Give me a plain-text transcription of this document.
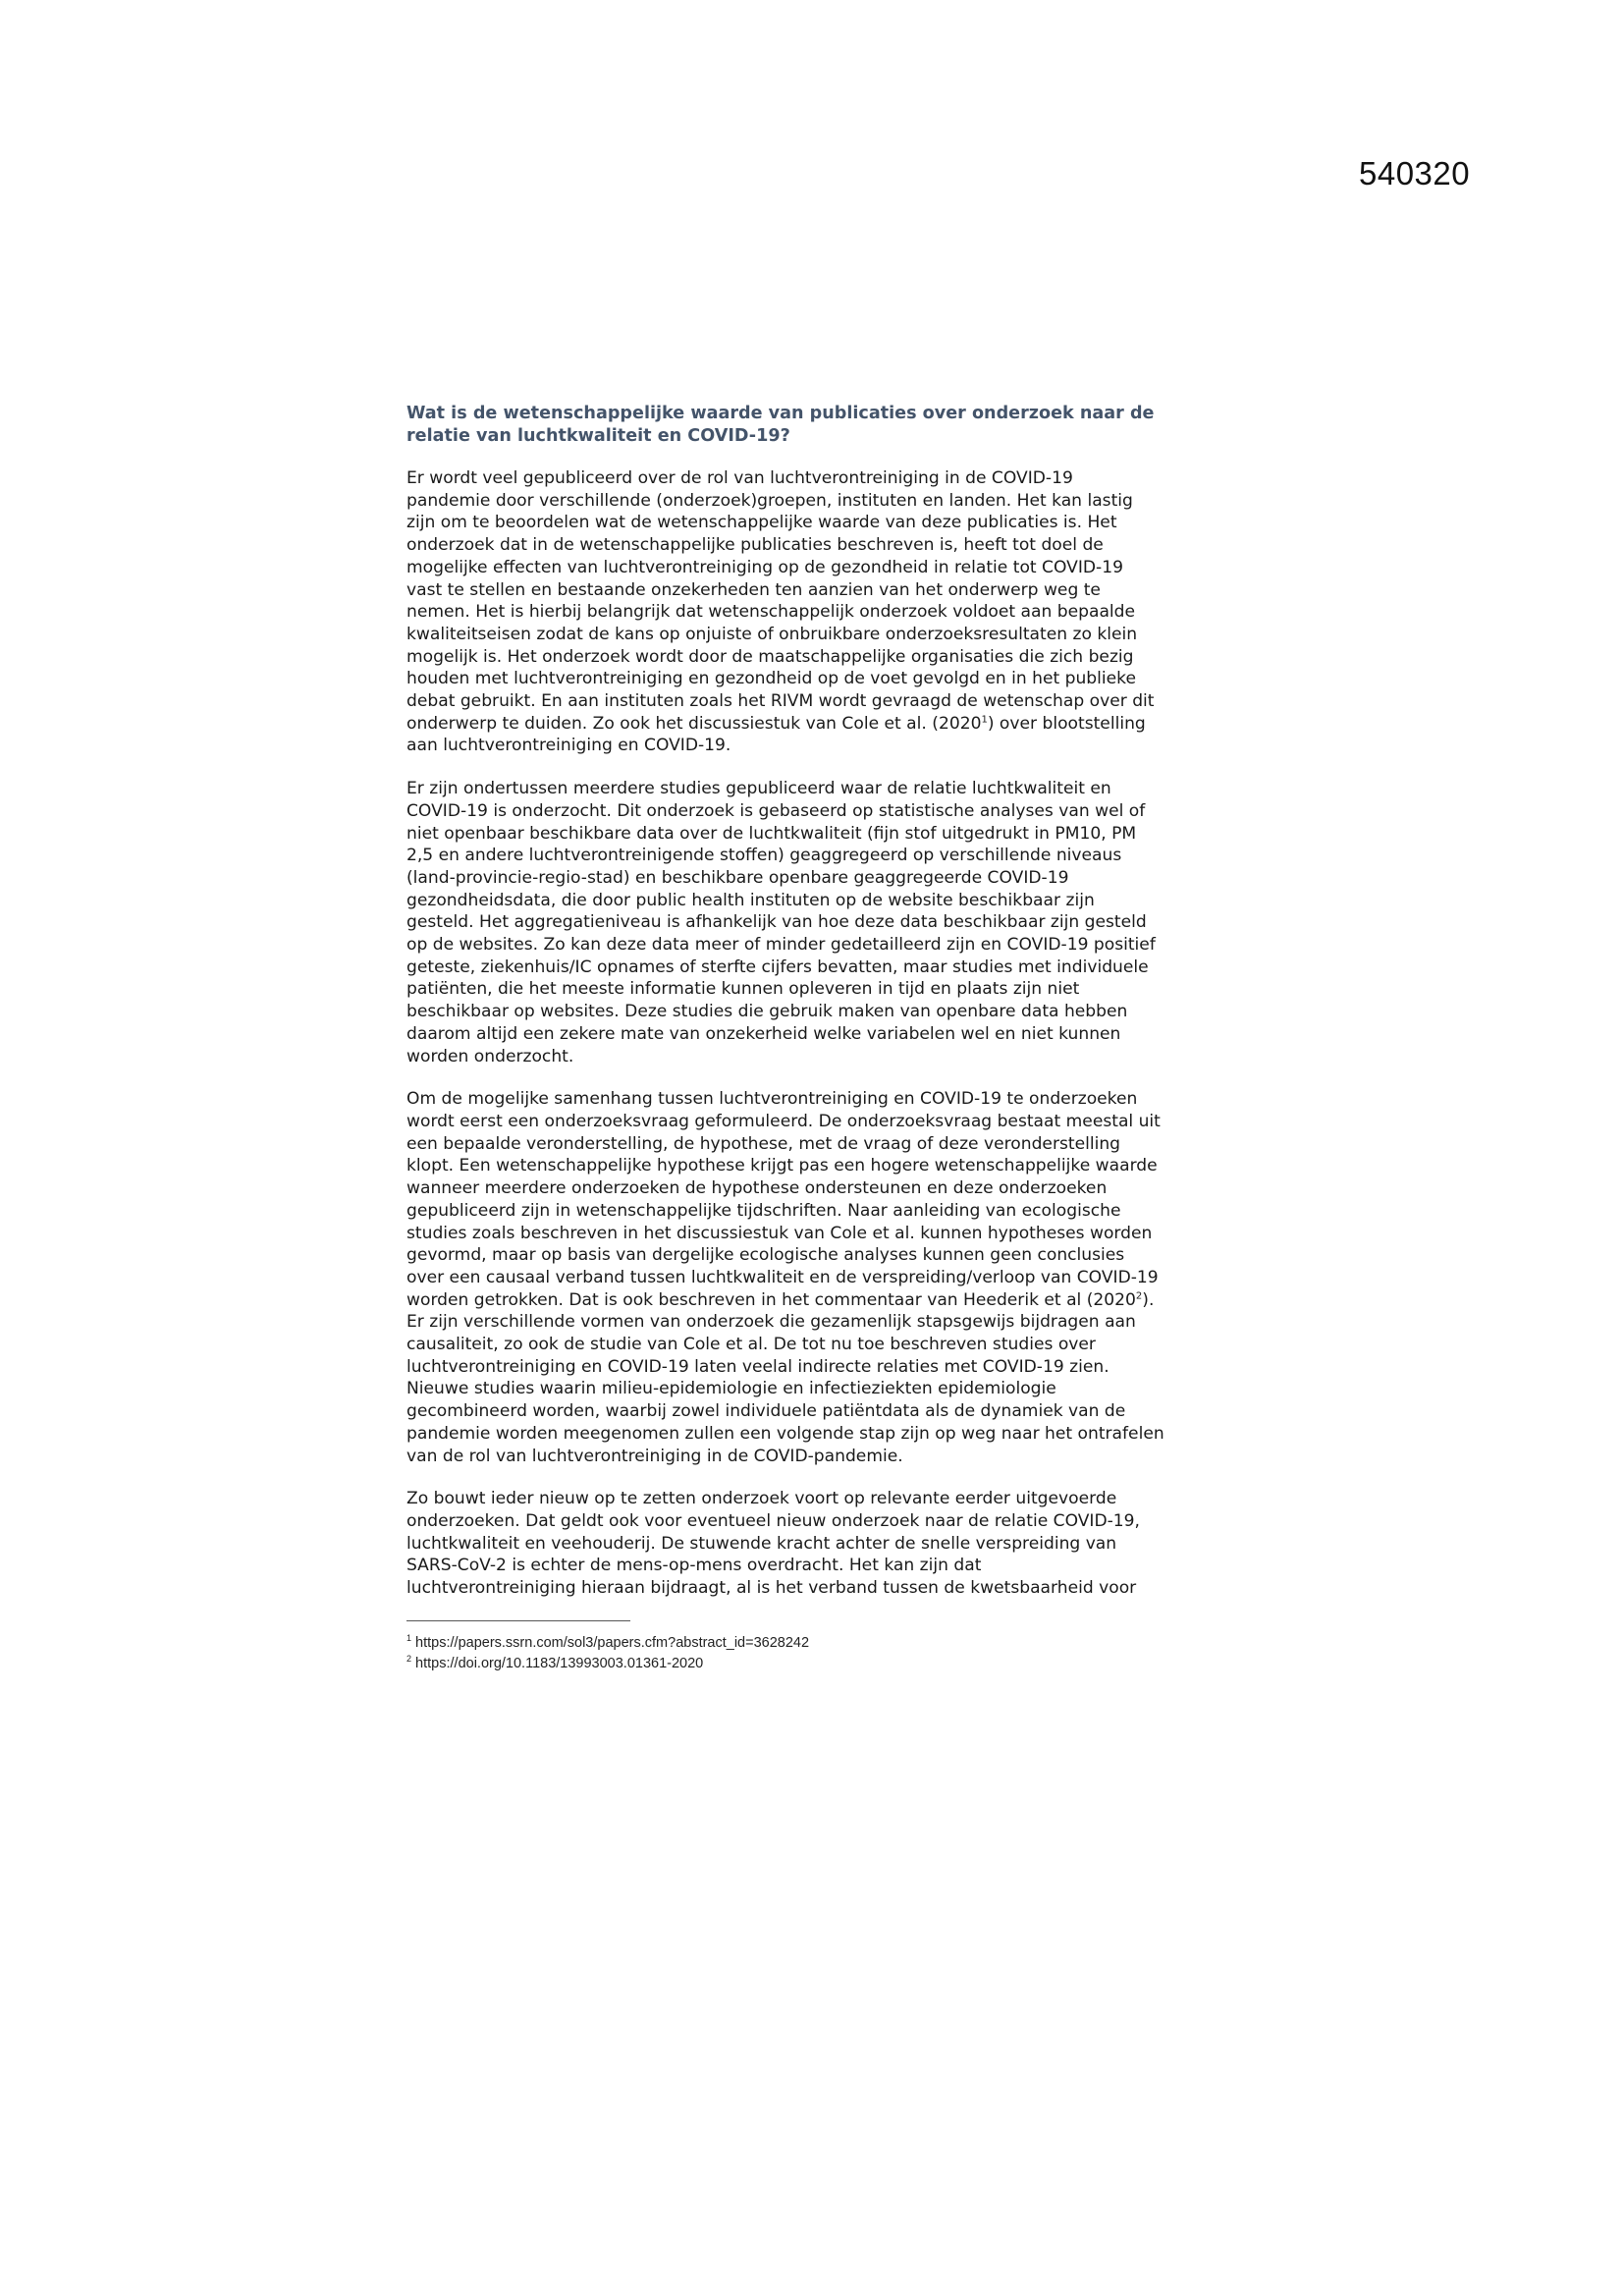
540320
Wat is de wetenschappelijke waarde van publicaties over onderzoek naar de
relatie van luchtkwaliteit en COVID-19?
Er wordt veel gepubliceerd over de rol van luchtverontreiniging in de COVID-19
pandemie door verschillende (onderzoek)groepen, instituten en landen. Het kan lastig
zijn om te beoordelen wat de wetenschappelijke waarde van deze publicaties is. Het
onderzoek dat in de wetenschappelijke publicaties beschreven is, heeft tot doel de
mogelijke effecten van luchtverontreiniging op de gezondheid in relatie tot COVID-19
vast te stellen en bestaande onzekerheden ten aanzien van het onderwerp weg te
nemen. Het is hierbij belangrijk dat wetenschappelijk onderzoek voldoet aan bepaalde
kwaliteitseisen zodat de kans op onjuiste of onbruikbare onderzoeksresultaten zo klein
mogelijk is. Het onderzoek wordt door de maatschappelijke organisaties die zich bezig
houden met luchtverontreiniging en gezondheid op de voet gevolgd en in het publieke
debat gebruikt. En aan instituten zoals het RIVM wordt gevraagd de wetenschap over dit
onderwerp te duiden. Zo ook het discussiestuk van Cole et al. (2020$^1$) over blootstelling
aan luchtverontreiniging en COVID-19.
Er zijn ondertussen meerdere studies gepubliceerd waar de relatie luchtkwaliteit en
COVID-19 is onderzocht. Dit onderzoek is gebaseerd op statistische analyses van wel of
niet openbaar beschikbare data over de luchtkwaliteit (fijn stof uitgedrukt in PM10, PM
2,5 en andere luchtverontreinigende stoffen) geaggregeerd op verschillende niveaus
(land-provincie-regio-stad) en beschikbare openbare geaggregeerde COVID-19
gezondheidsdata, die door public health instituten op de website beschikbaar zijn
gesteld. Het aggregatieniveau is afhankelijk van hoe deze data beschikbaar zijn gesteld
op de websites. Zo kan deze data meer of minder gedetailleerd zijn en COVID-19 positief
geteste, ziekenhuis/IC opnames of sterfte cijfers bevatten, maar studies met individuele
patiënten, die het meeste informatie kunnen opleveren in tijd en plaats zijn niet
beschikbaar op websites. Deze studies die gebruik maken van openbare data hebben
daarom altijd een zekere mate van onzekerheid welke variabelen wel en niet kunnen
worden onderzocht.
Om de mogelijke samenhang tussen luchtverontreiniging en COVID-19 te onderzoeken
wordt eerst een onderzoeksvraag geformuleerd. De onderzoeksvraag bestaat meestal uit
een bepaalde veronderstelling, de hypothese, met de vraag of deze veronderstelling
klopt. Een wetenschappelijke hypothese krijgt pas een hogere wetenschappelijke waarde
wanneer meerdere onderzoeken de hypothese ondersteunen en deze onderzoeken
gepubliceerd zijn in wetenschappelijke tijdschriften. Naar aanleiding van ecologische
studies zoals beschreven in het discussiestuk van Cole et al. kunnen hypotheses worden
gevormd, maar op basis van dergelijke ecologische analyses kunnen geen conclusies
over een causaal verband tussen luchtkwaliteit en de verspreiding/verloop van COVID-19
worden getrokken. Dat is ook beschreven in het commentaar van Heederik et al (2020$^2$).
Er zijn verschillende vormen van onderzoek die gezamenlijk stapsgewijs bijdragen aan
causaliteit, zo ook de studie van Cole et al. De tot nu toe beschreven studies over
luchtverontreiniging en COVID-19 laten veelal indirecte relaties met COVID-19 zien.
Nieuwe studies waarin milieu-epidemiologie en infectieziekten epidemiologie
gecombineerd worden, waarbij zowel individuele patiëntdata als de dynamiek van de
pandemie worden meegenomen zullen een volgende stap zijn op weg naar het ontrafelen
van de rol van luchtverontreiniging in de COVID-pandemie.
Zo bouwt ieder nieuw op te zetten onderzoek voort op relevante eerder uitgevoerde
onderzoeken. Dat geldt ook voor eventueel nieuw onderzoek naar de relatie COVID-19,
luchtkwaliteit en veehouderij. De stuwende kracht achter de snelle verspreiding van
SARS-CoV-2 is echter de mens-op-mens overdracht. Het kan zijn dat
luchtverontreiniging hieraan bijdraagt, al is het verband tussen de kwetsbaarheid voor
$^1$ https://papers.ssrn.com/sol3/papers.cfm?abstract_id=3628242
$^2$ https://doi.org/10.1183/13993003.01361-2020
